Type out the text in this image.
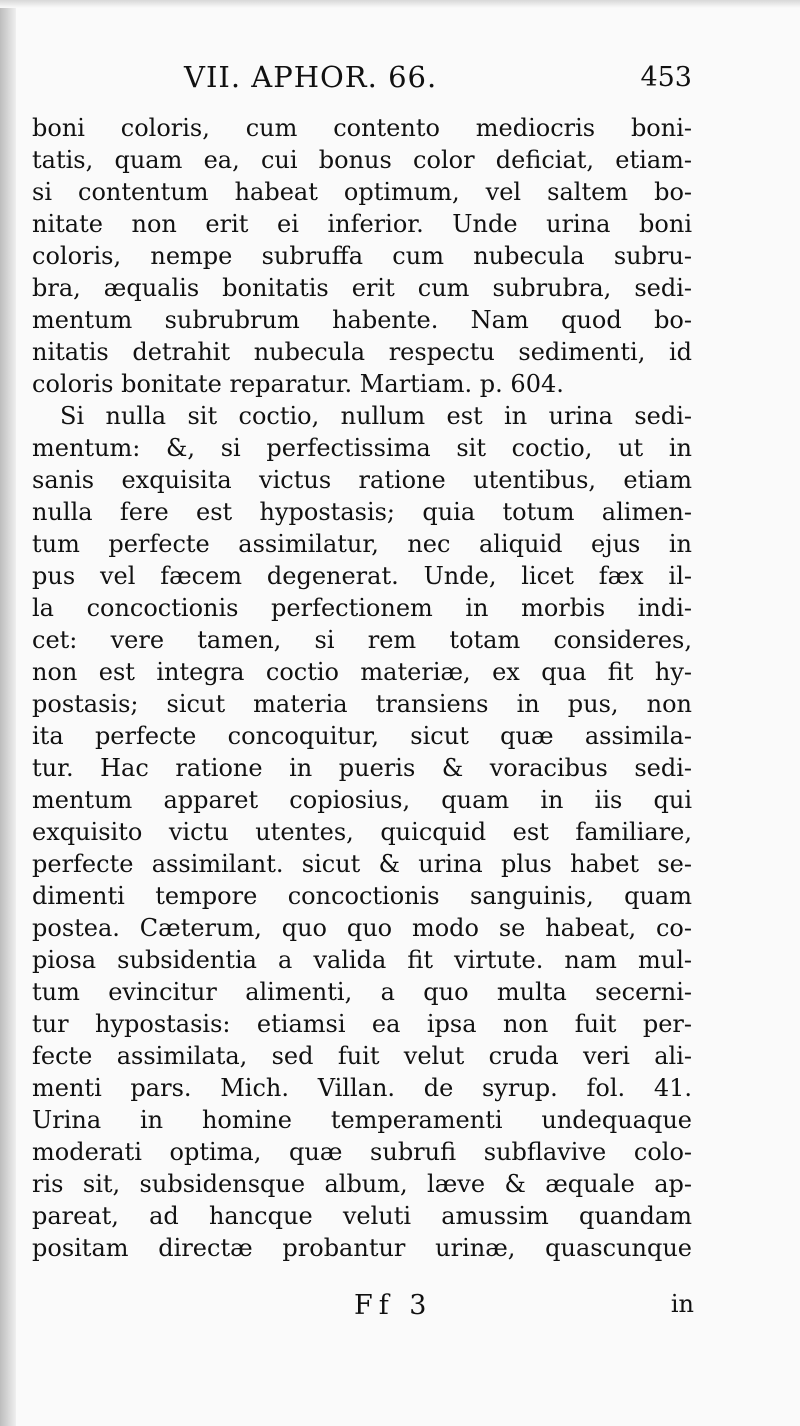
VII. APHOR. 66.	453
boni coloris, cum contento mediocris boni-
tatis, quam ea, cui bonus color deficiat, etiam-
si contentum habeat optimum, vel saltem bo-
nitate non erit ei inferior. Unde urina boni
coloris, nempe subruffa cum nubecula subru-
bra, æqualis bonitatis erit cum subrubra, sedi-
mentum subrubrum habente. Nam quod bo-
nitatis detrahit nubecula respectu sedimenti, id
coloris bonitate reparatur. Martiam. p. 604.
Si nulla sit coctio, nullum est in urina sedi-
mentum: &, si perfectissima sit coctio, ut in
sanis exquisita victus ratione utentibus, etiam
nulla fere est hypostasis; quia totum alimen-
tum perfecte assimilatur, nec aliquid ejus in
pus vel fæcem degenerat. Unde, licet fæx il-
la concoctionis perfectionem in morbis indi-
cet: vere tamen, si rem totam consideres,
non est integra coctio materiæ, ex qua fit hy-
postasis; sicut materia transiens in pus, non
ita perfecte concoquitur, sicut quæ assimila-
tur. Hac ratione in pueris & voracibus sedi-
mentum apparet copiosius, quam in iis qui
exquisito victu utentes, quicquid est familiare,
perfecte assimilant. sicut & urina plus habet se-
dimenti tempore concoctionis sanguinis, quam
postea. Cæterum, quo quo modo se habeat, co-
piosa subsidentia a valida fit virtute. nam mul-
tum evincitur alimenti, a quo multa secerni-
tur hypostasis: etiamsi ea ipsa non fuit per-
fecte assimilata, sed fuit velut cruda veri ali-
menti pars. Mich. Villan. de syrup. fol. 41.
Urina in homine temperamenti undequaque
moderati optima, quæ subrufi subflavive colo-
ris sit, subsidensque album, læve & æquale ap-
pareat, ad hancque veluti amussim quandam
positam directæ probantur urinæ, quascunque
Ff 3	in
